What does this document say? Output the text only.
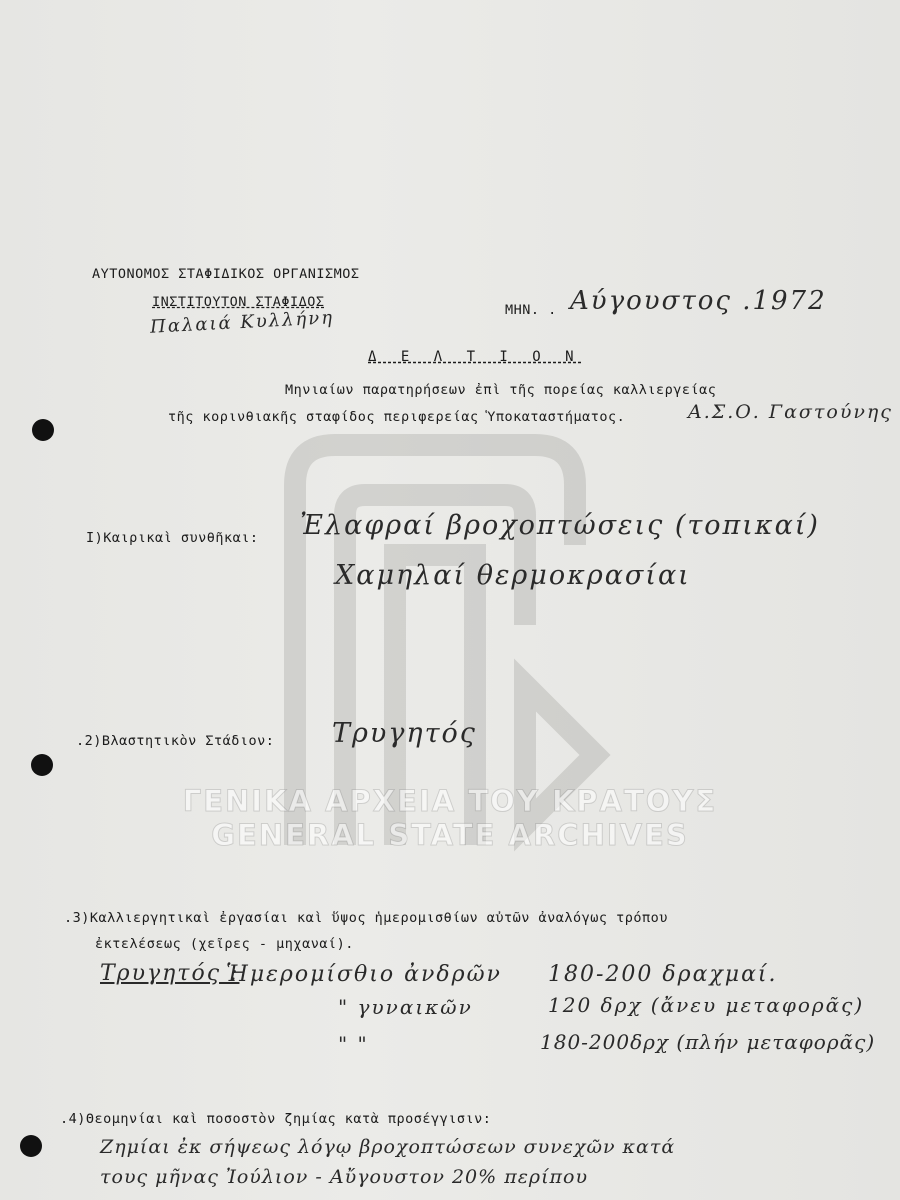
ΓΕΝΙΚΑ ΑΡΧΕΙΑ ΤΟΥ ΚΡΑΤΟΥΣ
GENERAL STATE ARCHIVES
ΑΥΤΟΝΟΜΟΣ ΣΤΑΦΙΔΙΚΟΣ ΟΡΓΑΝΙΣΜΟΣ
ΙΝΣΤΙΤΟΥΤΟΝ ΣΤΑΦΙΔΟΣ
Παλαιά Κυλλήνη	ΜΗΝ. . Αύγουστος .1972
Δ Ε Λ Τ Ι Ο Ν
Μηνιαίων παρατηρήσεων ἐπὶ τῆς πορείας καλλιεργείας
τῆς κορινθιακῆς σταφίδος περιφερείας Ὑποκαταστήματος.	Α.Σ.Ο. Γαστούνης
I)Καιρικαὶ συνθῆκαι: Ἐλαφραί βροχοπτώσεις (τοπικαί)
Χαμηλαί θερμοκρασίαι
.2)Βλαστητικὸν Στάδιον: Τρυγητός
.3)Καλλιεργητικαὶ ἐργασίαι καὶ ὕψος ἡμερομισθίων αὐτῶν ἀναλόγως τρόπου
ἐκτελέσεως (χεῖρες - μηχαναί).
Τρυγητός :
Ἡμερομίσθιο ἀνδρῶν 180-200 δραχμαί.
" γυναικῶν	120 δρχ (ἄνευ μεταφορᾶς)
" "	180-200δρχ (πλήν μεταφορᾶς)
.4)Θεομηνίαι καὶ ποσοστὸν ζημίας κατὰ προσέγγισιν:
Ζημίαι ἐκ σήψεως λόγῳ βροχοπτώσεων συνεχῶν κατά
τους μῆνας Ἰούλιον - Αὔγουστον 20% περίπου
